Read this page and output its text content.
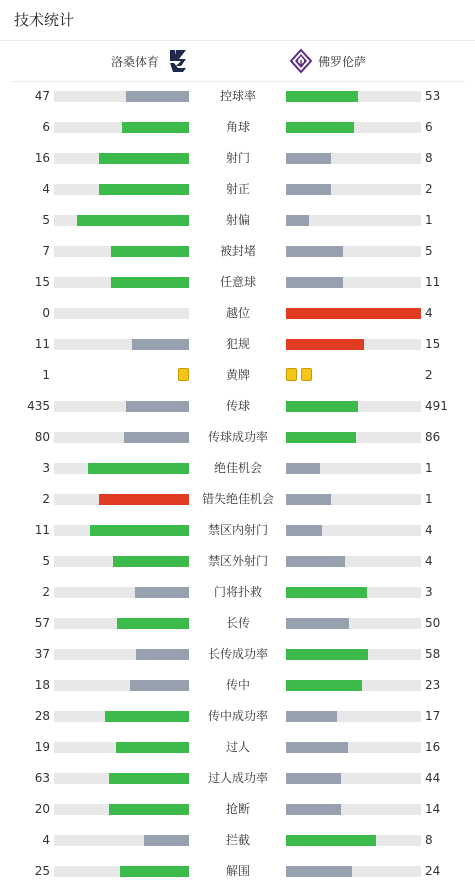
技术统计
洛桑体育	佛罗伦萨
47	控球率	53
6	角球	6
16	射门	8
4	射正	2
5	射偏	1
7	被封堵	5
15	任意球	11
0	越位	4
11	犯规	15
1	黄牌	2
435	传球	491
80	传球成功率	86
3	绝佳机会	1
2	错失绝佳机会	1
11	禁区内射门	4
5	禁区外射门	4
2	门将扑救	3
57	长传	50
37	长传成功率	58
18	传中	23
28	传中成功率	17
19	过人	16
63	过人成功率	44
20	抢断	14
4	拦截	8
25	解围	24
